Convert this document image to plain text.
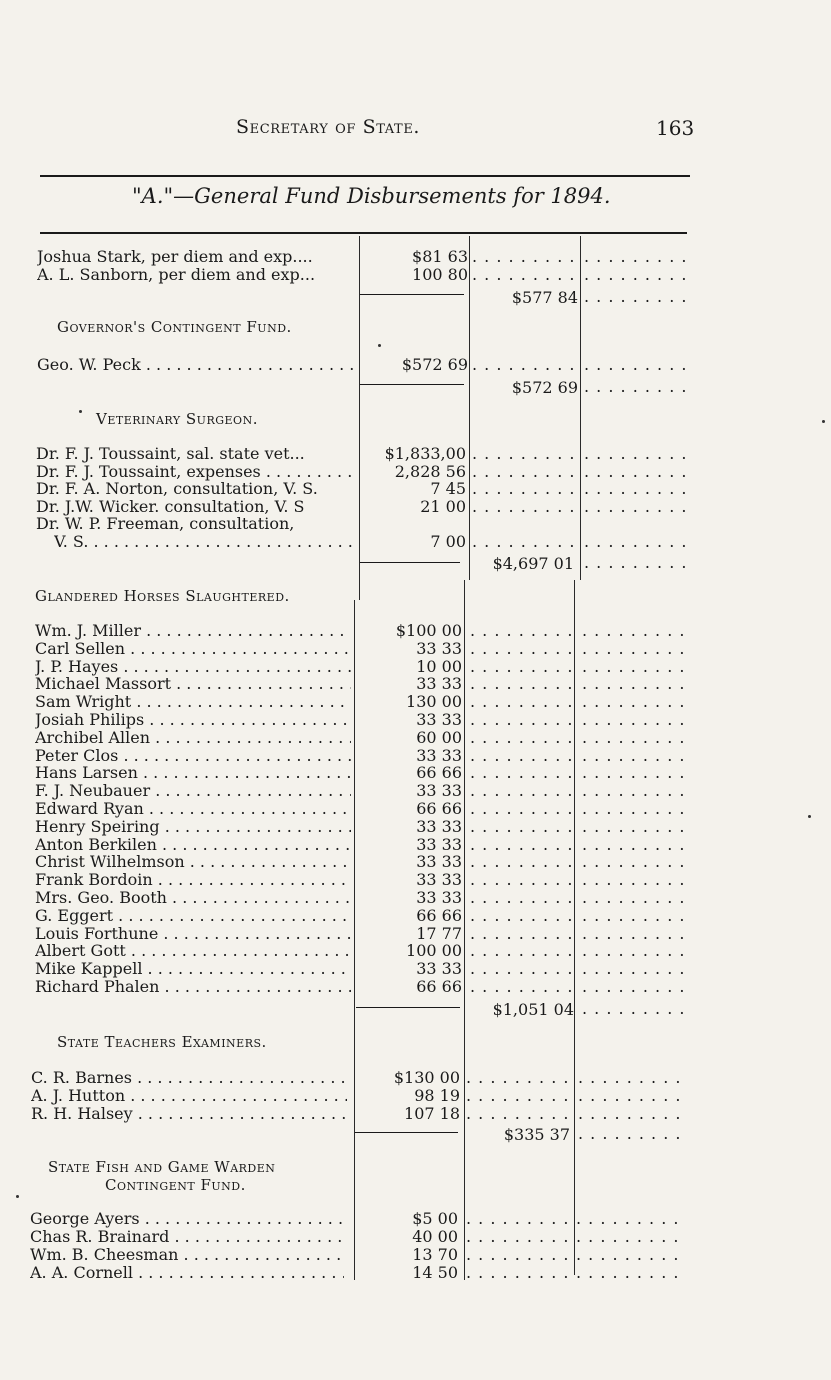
Secretary of State.	163
"A."—General Fund Disbursements for 1894.
Joshua Stark, per diem and exp....	$81 63
. . .
. . .
A. L. Sanborn, per diem and exp...	100 80
. . .
. . .
$577 84
. . .
Governor's Contingent Fund.
Geo. W. Peck . . .	$572 69
. . .
. . .
$572 69
. . .
Veterinary Surgeon.
Dr. F. J. Toussaint, sal. state vet...	$1,833,00
. . .
. . .
Dr. F. J. Toussaint, expenses . . .	2,828 56
. . .
. . .
Dr. F. A. Norton, consultation, V. S.	7 45
. . .
. . .
Dr. J.W. Wicker. consultation, V. S	21 00
. . .
. . .
Dr. W. P. Freeman, consultation,
V. S. . . .	7 00
. . .
. . .
$4,697 01
. . .
Glandered Horses Slaughtered.
Wm. J. Miller . . .	$100 00
. . .
. . .
Carl Sellen . . .	33 33
. . .
. . .
J. P. Hayes . . .	10 00
. . .
. . .
Michael Massort . . .	33 33
. . .
. . .
Sam Wright . . .	130 00
. . .
. . .
Josiah Philips . . .	33 33
. . .
. . .
Archibel Allen . . .	60 00
. . .
. . .
Peter Clos . . .	33 33
. . .
. . .
Hans Larsen . . .	66 66
. . .
. . .
F. J. Neubauer . . .	33 33
. . .
. . .
Edward Ryan . . .	66 66
. . .
. . .
Henry Speiring . . .	33 33
. . .
. . .
Anton Berkilen . . .	33 33
. . .
. . .
Christ Wilhelmson . . .	33 33
. . .
. . .
Frank Bordoin . . .	33 33
. . .
. . .
Mrs. Geo. Booth . . .	33 33
. . .
. . .
G. Eggert . . .	66 66
. . .
. . .
Louis Forthune . . .	17 77
. . .
. . .
Albert Gott . . .	100 00
. . .
. . .
Mike Kappell . . .	33 33
. . .
. . .
Richard Phalen . . .	66 66
. . .
. . .
$1,051 04
. . .
State Teachers Examiners.
C. R. Barnes . . .	$130 00
. . .
. . .
A. J. Hutton . . .	98 19
. . .
. . .
R. H. Halsey . . .	107 18
. . .
. . .
$335 37
. . .
State Fish and Game Warden
Contingent Fund.
George Ayers . . .	$5 00
. . .
. . .
Chas R. Brainard . . .	40 00
. . .
. . .
Wm. B. Cheesman . . .	13 70
. . .
. . .
A. A. Cornell . . .	14 50
. . .
. . .
